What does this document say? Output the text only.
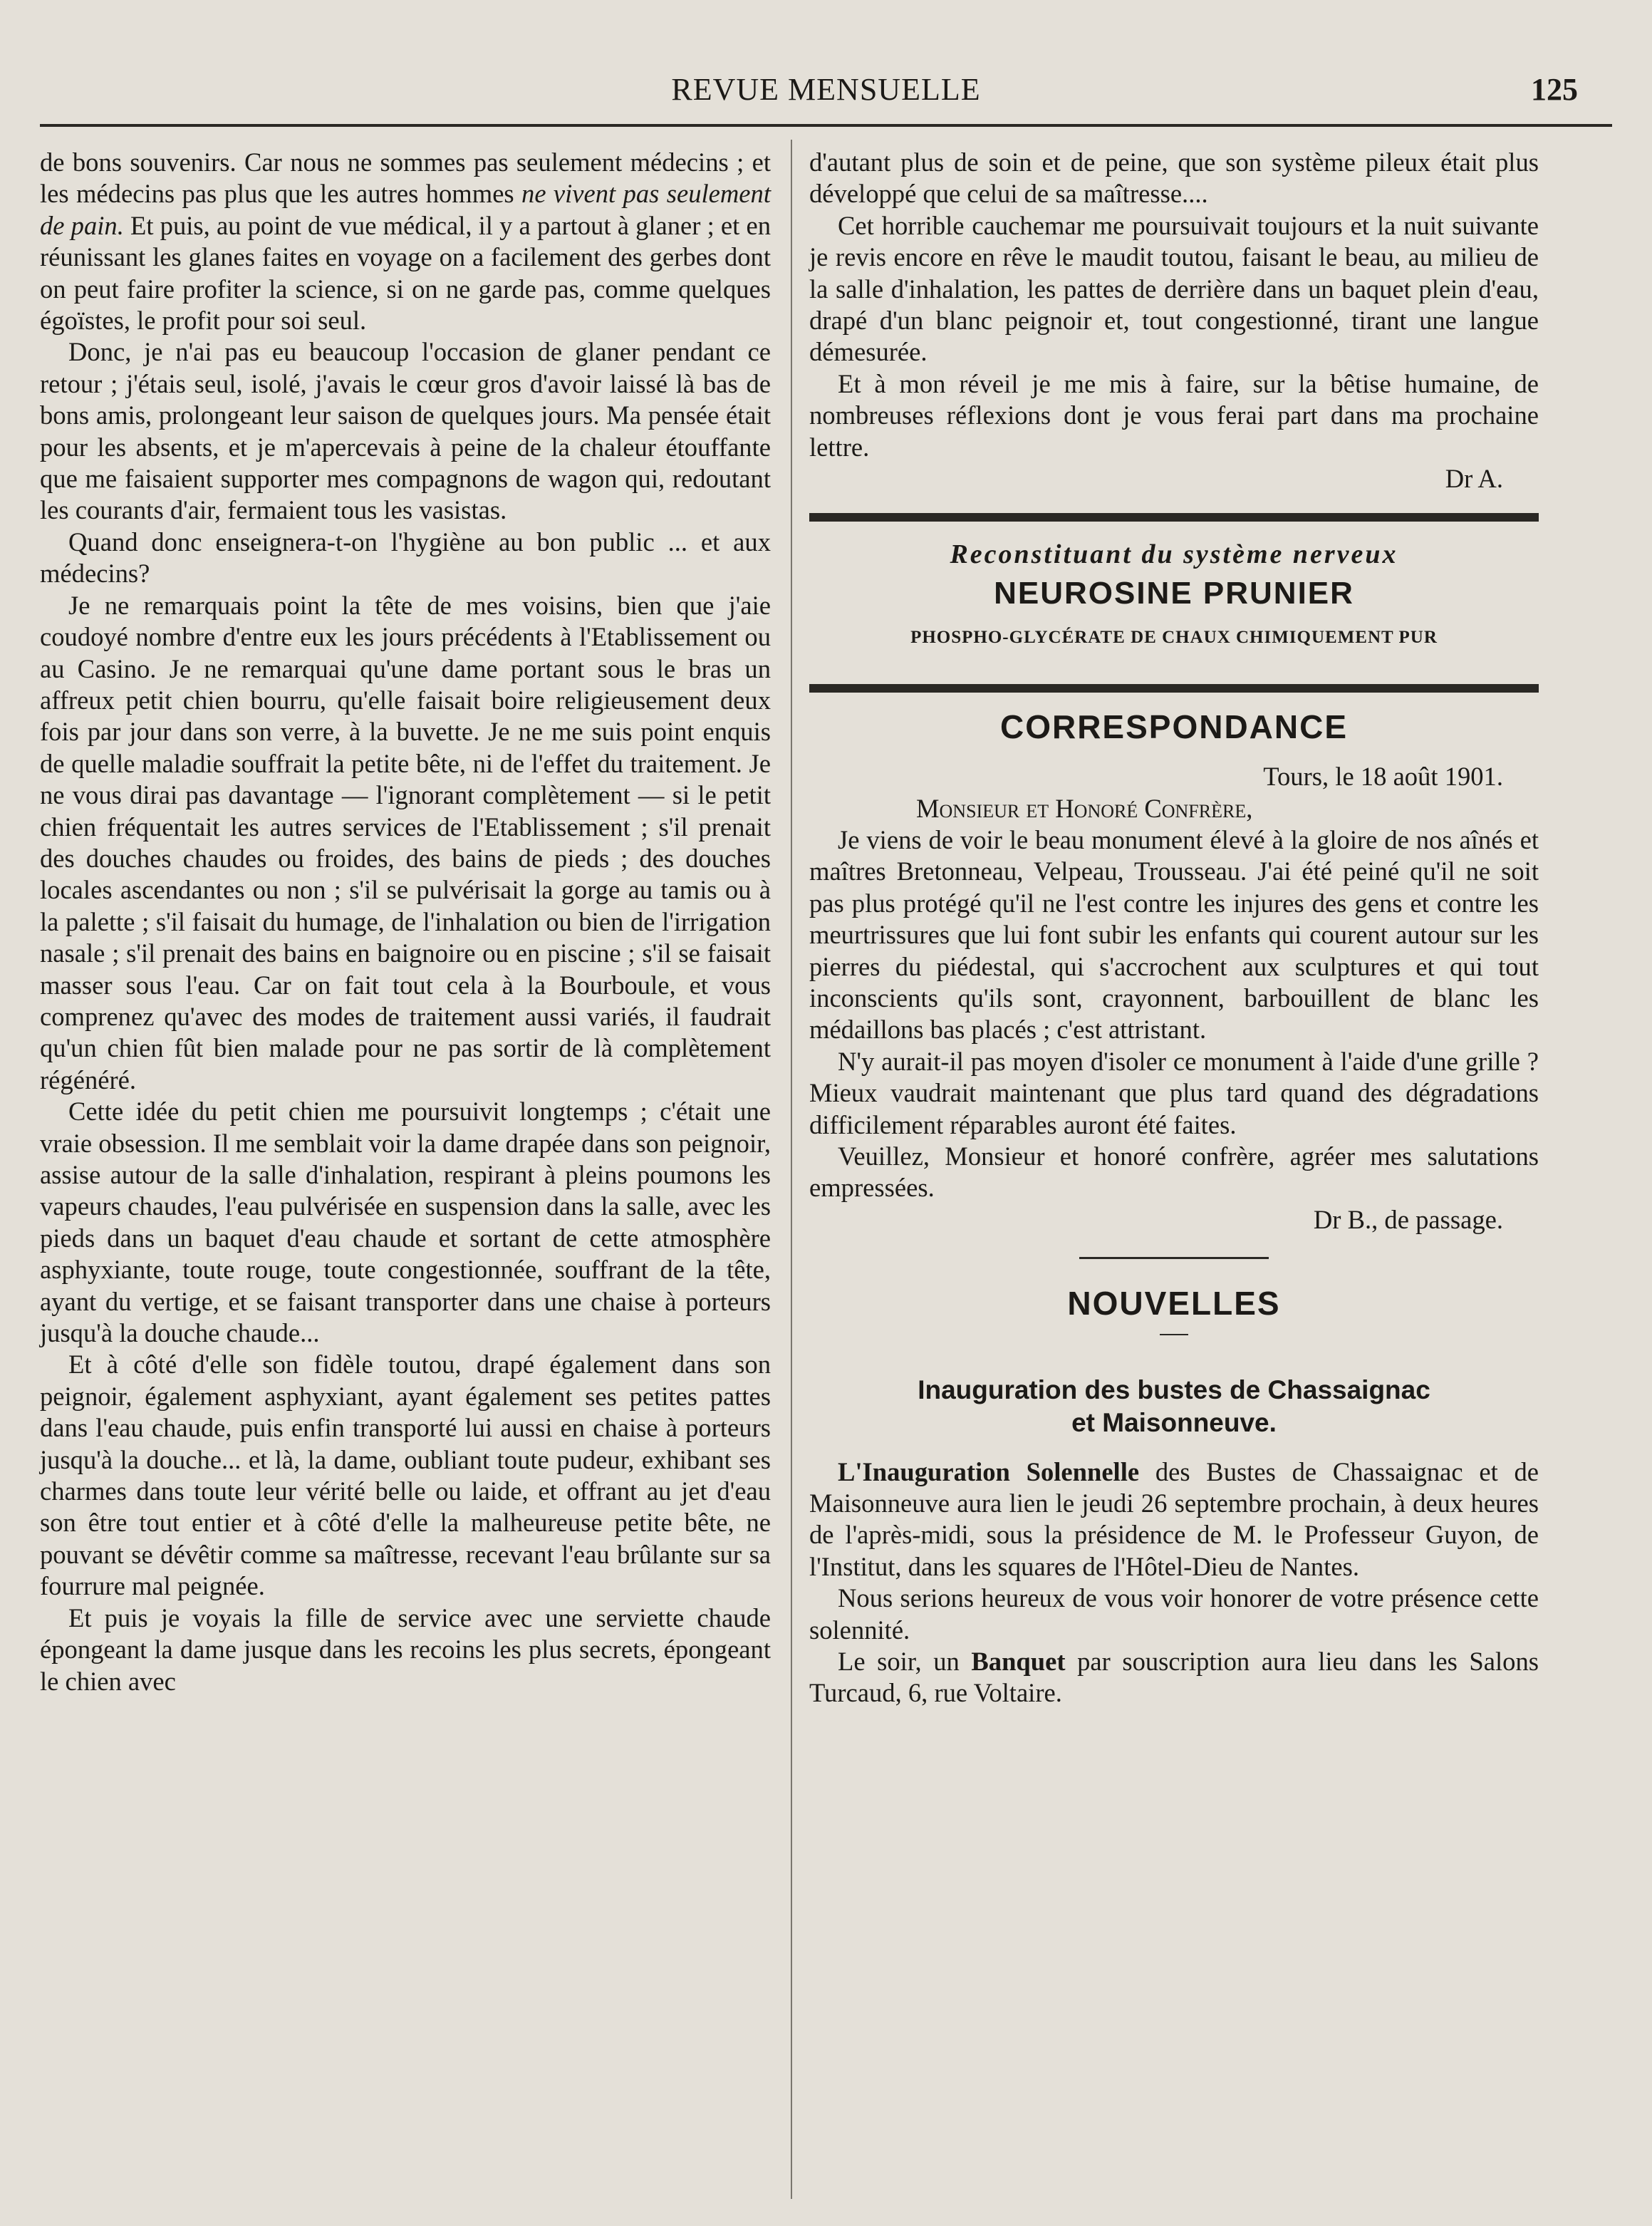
REVUE MENSUELLE	125

de bons souvenirs. Car nous ne sommes pas seulement médecins ; et les médecins pas plus que les autres hommes ne vivent pas seulement de pain. Et puis, au point de vue médical, il y a partout à glaner ; et en réunissant les glanes faites en voyage on a facilement des gerbes dont on peut faire profiter la science, si on ne garde pas, comme quelques égoïstes, le profit pour soi seul.

Donc, je n'ai pas eu beaucoup l'occasion de glaner pendant ce retour ; j'étais seul, isolé, j'avais le cœur gros d'avoir laissé là bas de bons amis, prolongeant leur saison de quelques jours. Ma pensée était pour les absents, et je m'apercevais à peine de la chaleur étouffante que me faisaient supporter mes compagnons de wagon qui, redoutant les courants d'air, fermaient tous les vasistas.

Quand donc enseignera-t-on l'hygiène au bon public ... et aux médecins?

Je ne remarquais point la tête de mes voisins, bien que j'aie coudoyé nombre d'entre eux les jours précédents à l'Etablissement ou au Casino. Je ne remarquai qu'une dame portant sous le bras un affreux petit chien bourru, qu'elle faisait boire religieusement deux fois par jour dans son verre, à la buvette. Je ne me suis point enquis de quelle maladie souffrait la petite bête, ni de l'effet du traitement. Je ne vous dirai pas davantage — l'ignorant complètement — si le petit chien fréquentait les autres services de l'Etablissement ; s'il prenait des douches chaudes ou froides, des bains de pieds ; des douches locales ascendantes ou non ; s'il se pulvérisait la gorge au tamis ou à la palette ; s'il faisait du humage, de l'inhalation ou bien de l'irrigation nasale ; s'il prenait des bains en baignoire ou en piscine ; s'il se faisait masser sous l'eau. Car on fait tout cela à la Bourboule, et vous comprenez qu'avec des modes de traitement aussi variés, il faudrait qu'un chien fût bien malade pour ne pas sortir de là complètement régénéré.

Cette idée du petit chien me poursuivit longtemps ; c'était une vraie obsession. Il me semblait voir la dame drapée dans son peignoir, assise autour de la salle d'inhalation, respirant à pleins poumons les vapeurs chaudes, l'eau pulvérisée en suspension dans la salle, avec les pieds dans un baquet d'eau chaude et sortant de cette atmosphère asphyxiante, toute rouge, toute congestionnée, souffrant de la tête, ayant du vertige, et se faisant transporter dans une chaise à porteurs jusqu'à la douche chaude...

Et à côté d'elle son fidèle toutou, drapé également dans son peignoir, également asphyxiant, ayant également ses petites pattes dans l'eau chaude, puis enfin transporté lui aussi en chaise à porteurs jusqu'à la douche... et là, la dame, oubliant toute pudeur, exhibant ses charmes dans toute leur vérité belle ou laide, et offrant au jet d'eau son être tout entier et à côté d'elle la malheureuse petite bête, ne pouvant se dévêtir comme sa maîtresse, recevant l'eau brûlante sur sa fourrure mal peignée.

Et puis je voyais la fille de service avec une serviette chaude épongeant la dame jusque dans les recoins les plus secrets, épongeant le chien avec

d'autant plus de soin et de peine, que son système pileux était plus développé que celui de sa maîtresse....

Cet horrible cauchemar me poursuivait toujours et la nuit suivante je revis encore en rêve le maudit toutou, faisant le beau, au milieu de la salle d'inhalation, les pattes de derrière dans un baquet plein d'eau, drapé d'un blanc peignoir et, tout congestionné, tirant une langue démesurée.

Et à mon réveil je me mis à faire, sur la bêtise humaine, de nombreuses réflexions dont je vous ferai part dans ma prochaine lettre.

Dr A.

Reconstituant du système nerveux
NEUROSINE PRUNIER
PHOSPHO-GLYCÉRATE DE CHAUX CHIMIQUEMENT PUR
CORRESPONDANCE

Tours, le 18 août 1901.

Monsieur et Honoré Confrère,

Je viens de voir le beau monument élevé à la gloire de nos aînés et maîtres Bretonneau, Velpeau, Trousseau. J'ai été peiné qu'il ne soit pas plus protégé qu'il ne l'est contre les injures des gens et contre les meurtrissures que lui font subir les enfants qui courent autour sur les pierres du piédestal, qui s'accrochent aux sculptures et qui tout inconscients qu'ils sont, crayonnent, barbouillent de blanc les médaillons bas placés ; c'est attristant.

N'y aurait-il pas moyen d'isoler ce monument à l'aide d'une grille ? Mieux vaudrait maintenant que plus tard quand des dégradations difficilement réparables auront été faites.

Veuillez, Monsieur et honoré confrère, agréer mes salutations empressées.

Dr B., de passage.

NOUVELLES
Inauguration des bustes de Chassaignac
et Maisonneuve.

L'Inauguration Solennelle des Bustes de Chassaignac et de Maisonneuve aura lien le jeudi 26 septembre prochain, à deux heures de l'après-midi, sous la présidence de M. le Professeur Guyon, de l'Institut, dans les squares de l'Hôtel-Dieu de Nantes.

Nous serions heureux de vous voir honorer de votre présence cette solennité.

Le soir, un Banquet par souscription aura lieu dans les Salons Turcaud, 6, rue Voltaire.
